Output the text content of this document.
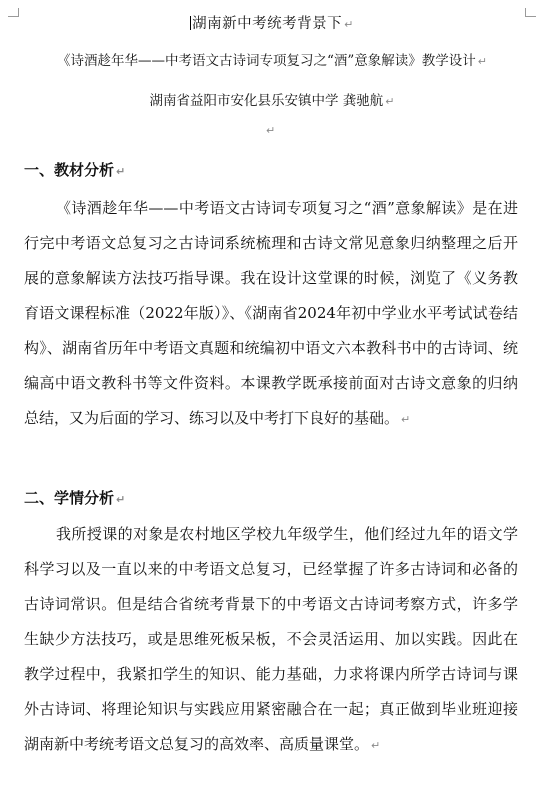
湖南新中考统考背景下 ↵
《诗酒趁年华——中考语文古诗词专项复习之“酒”意象解读》教学设计 ↵
湖南省益阳市安化县乐安镇中学 龚驰航 ↵
↵
一、教材分析 ↵

《诗酒趁年华——中考语文古诗词专项复习之“酒”意象解读》是在进行完中考语文总复习之古诗词系统梳理和古诗文常见意象归纳整理之后开展的意象解读方法技巧指导课。我在设计这堂课的时候，浏览了《义务教育语文课程标准（2022年版）》、《湖南省2024年初中学业水平考试试卷结构》、湖南省历年中考语文真题和统编初中语文六本教科书中的古诗词、统编高中语文教科书等文件资料。本课教学既承接前面对古诗文意象的归纳总结，又为后面的学习、练习以及中考打下良好的基础。 ↵

二、学情分析 ↵

我所授课的对象是农村地区学校九年级学生，他们经过九年的语文学科学习以及一直以来的中考语文总复习，已经掌握了许多古诗词和必备的古诗词常识。但是结合省统考背景下的中考语文古诗词考察方式，许多学生缺少方法技巧，或是思维死板呆板，不会灵活运用、加以实践。因此在教学过程中，我紧扣学生的知识、能力基础，力求将课内所学古诗词与课外古诗词、将理论知识与实践应用紧密融合在一起；真正做到毕业班迎接湖南新中考统考语文总复习的高效率、高质量课堂。 ↵
